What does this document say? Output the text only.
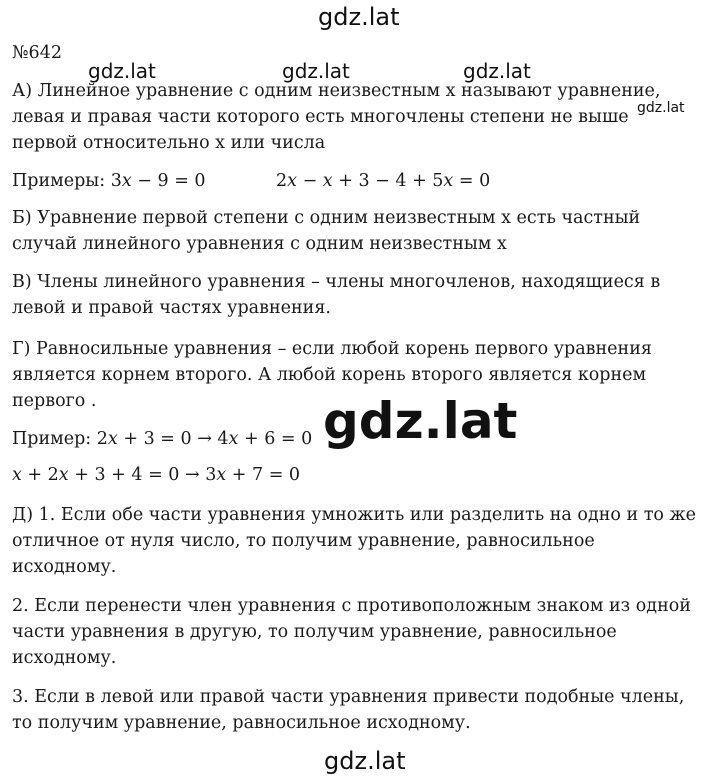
gdz.lat
№642
А) Линейное уравнение с одним неизвестным х называют уравнение,
левая и правая части которого есть многочлены степени не выше
первой относительно х или числа
Примеры: 3𝑥 − 9 = 0	2𝑥 − 𝑥 + 3 − 4 + 5𝑥 = 0
Б) Уравнение первой степени с одним неизвестным х есть частный
случай линейного уравнения с одним неизвестным х
В) Члены линейного уравнения – члены многочленов, находящиеся в
левой и правой частях уравнения.
Г) Равносильные уравнения – если любой корень первого уравнения
является корнем второго. А любой корень второго является корнем
первого .
Пример: 2𝑥 + 3 = 0 → 4𝑥 + 6 = 0
𝑥 + 2𝑥 + 3 + 4 = 0 → 3𝑥 + 7 = 0
Д) 1. Если обе части уравнения умножить или разделить на одно и то же
отличное от нуля число, то получим уравнение, равносильное
исходному.
2. Если перенести член уравнения с противоположным знаком из одной
части уравнения в другую, то получим уравнение, равносильное
исходному.
3. Если в левой или правой части уравнения привести подобные члены,
то получим уравнение, равносильное исходному.
gdz.lat	gdz.lat	gdz.lat
gdz.lat
gdz.lat
gdz.lat
